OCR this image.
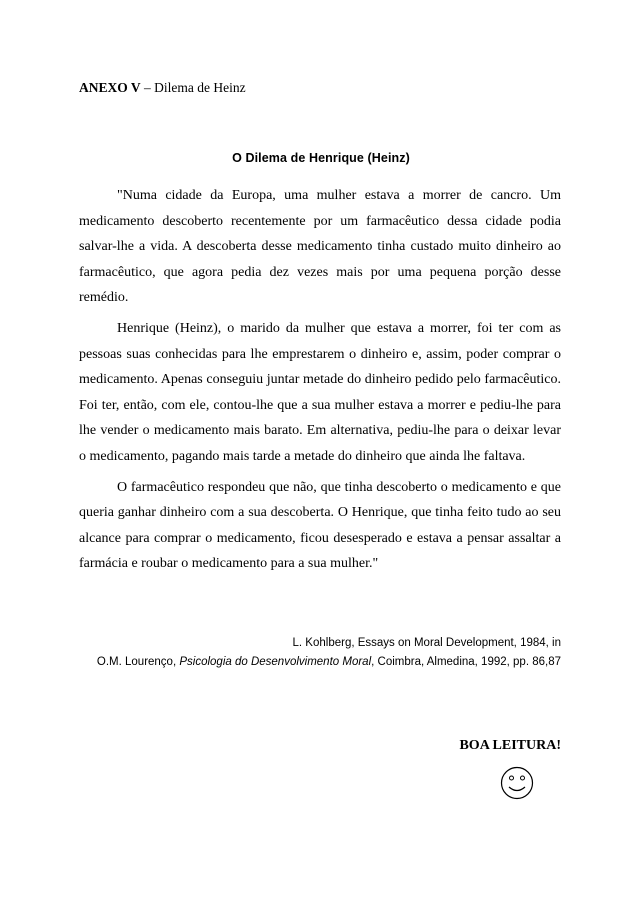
ANEXO V – Dilema de Heinz
O Dilema de Henrique (Heinz)

"Numa cidade da Europa, uma mulher estava a morrer de cancro. Um medicamento descoberto recentemente por um farmacêutico dessa cidade podia salvar-lhe a vida. A descoberta desse medicamento tinha custado muito dinheiro ao farmacêutico, que agora pedia dez vezes mais por uma pequena porção desse remédio.

Henrique (Heinz), o marido da mulher que estava a morrer, foi ter com as pessoas suas conhecidas para lhe emprestarem o dinheiro e, assim, poder comprar o medicamento. Apenas conseguiu juntar metade do dinheiro pedido pelo farmacêutico. Foi ter, então, com ele, contou-lhe que a sua mulher estava a morrer e pediu-lhe para lhe vender o medicamento mais barato. Em alternativa, pediu-lhe para o deixar levar o medicamento, pagando mais tarde a metade do dinheiro que ainda lhe faltava.

O farmacêutico respondeu que não, que tinha descoberto o medicamento e que queria ganhar dinheiro com a sua descoberta. O Henrique, que tinha feito tudo ao seu alcance para comprar o medicamento, ficou desesperado e estava a pensar assaltar a farmácia e roubar o medicamento para a sua mulher."

L. Kohlberg, Essays on Moral Development, 1984, in
O.M. Lourenço, Psicologia do Desenvolvimento Moral, Coimbra, Almedina, 1992, pp. 86,87
BOA LEITURA!
